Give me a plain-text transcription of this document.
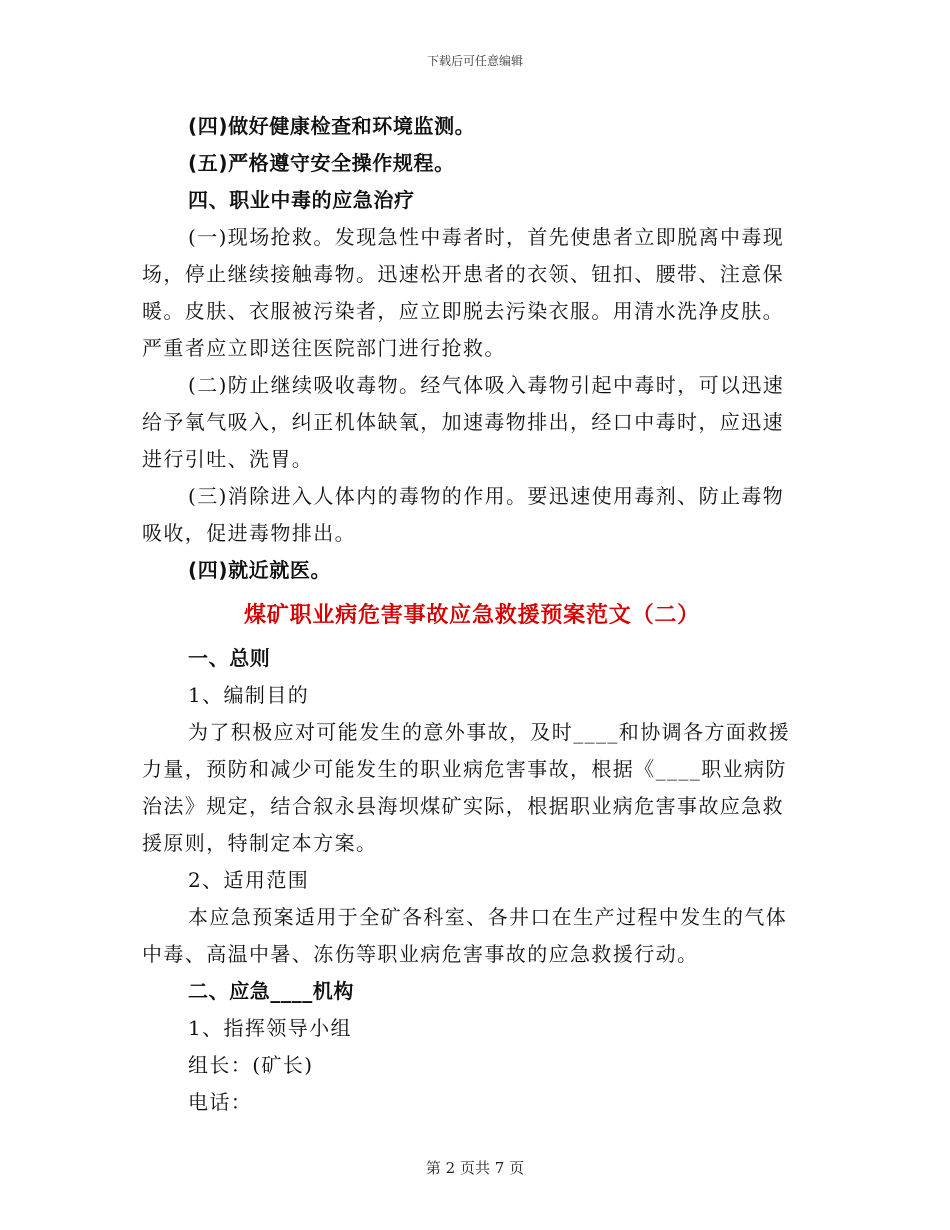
下载后可任意编辑
(四)做好健康检查和环境监测。
(五)严格遵守安全操作规程。
四、职业中毒的应急治疗
(一)现场抢救。发现急性中毒者时，首先使患者立即脱离中毒现
场，停止继续接触毒物。迅速松开患者的衣领、钮扣、腰带、注意保
暖。皮肤、衣服被污染者，应立即脱去污染衣服。用清水洗净皮肤。
严重者应立即送往医院部门进行抢救。
(二)防止继续吸收毒物。经气体吸入毒物引起中毒时，可以迅速
给予氧气吸入，纠正机体缺氧，加速毒物排出，经口中毒时，应迅速
进行引吐、洗胃。
(三)消除进入人体内的毒物的作用。要迅速使用毒剂、防止毒物
吸收，促进毒物排出。
(四)就近就医。
煤矿职业病危害事故应急救援预案范文（二）
一、总则
1、编制目的
为了积极应对可能发生的意外事故，及时____和协调各方面救援
力量，预防和减少可能发生的职业病危害事故，根据《____职业病防
治法》规定，结合叙永县海坝煤矿实际，根据职业病危害事故应急救
援原则，特制定本方案。
2、适用范围
本应急预案适用于全矿各科室、各井口在生产过程中发生的气体
中毒、高温中暑、冻伤等职业病危害事故的应急救援行动。
二、应急____机构
1、指挥领导小组
组长：(矿长)
电话：
第 2 页共 7 页
